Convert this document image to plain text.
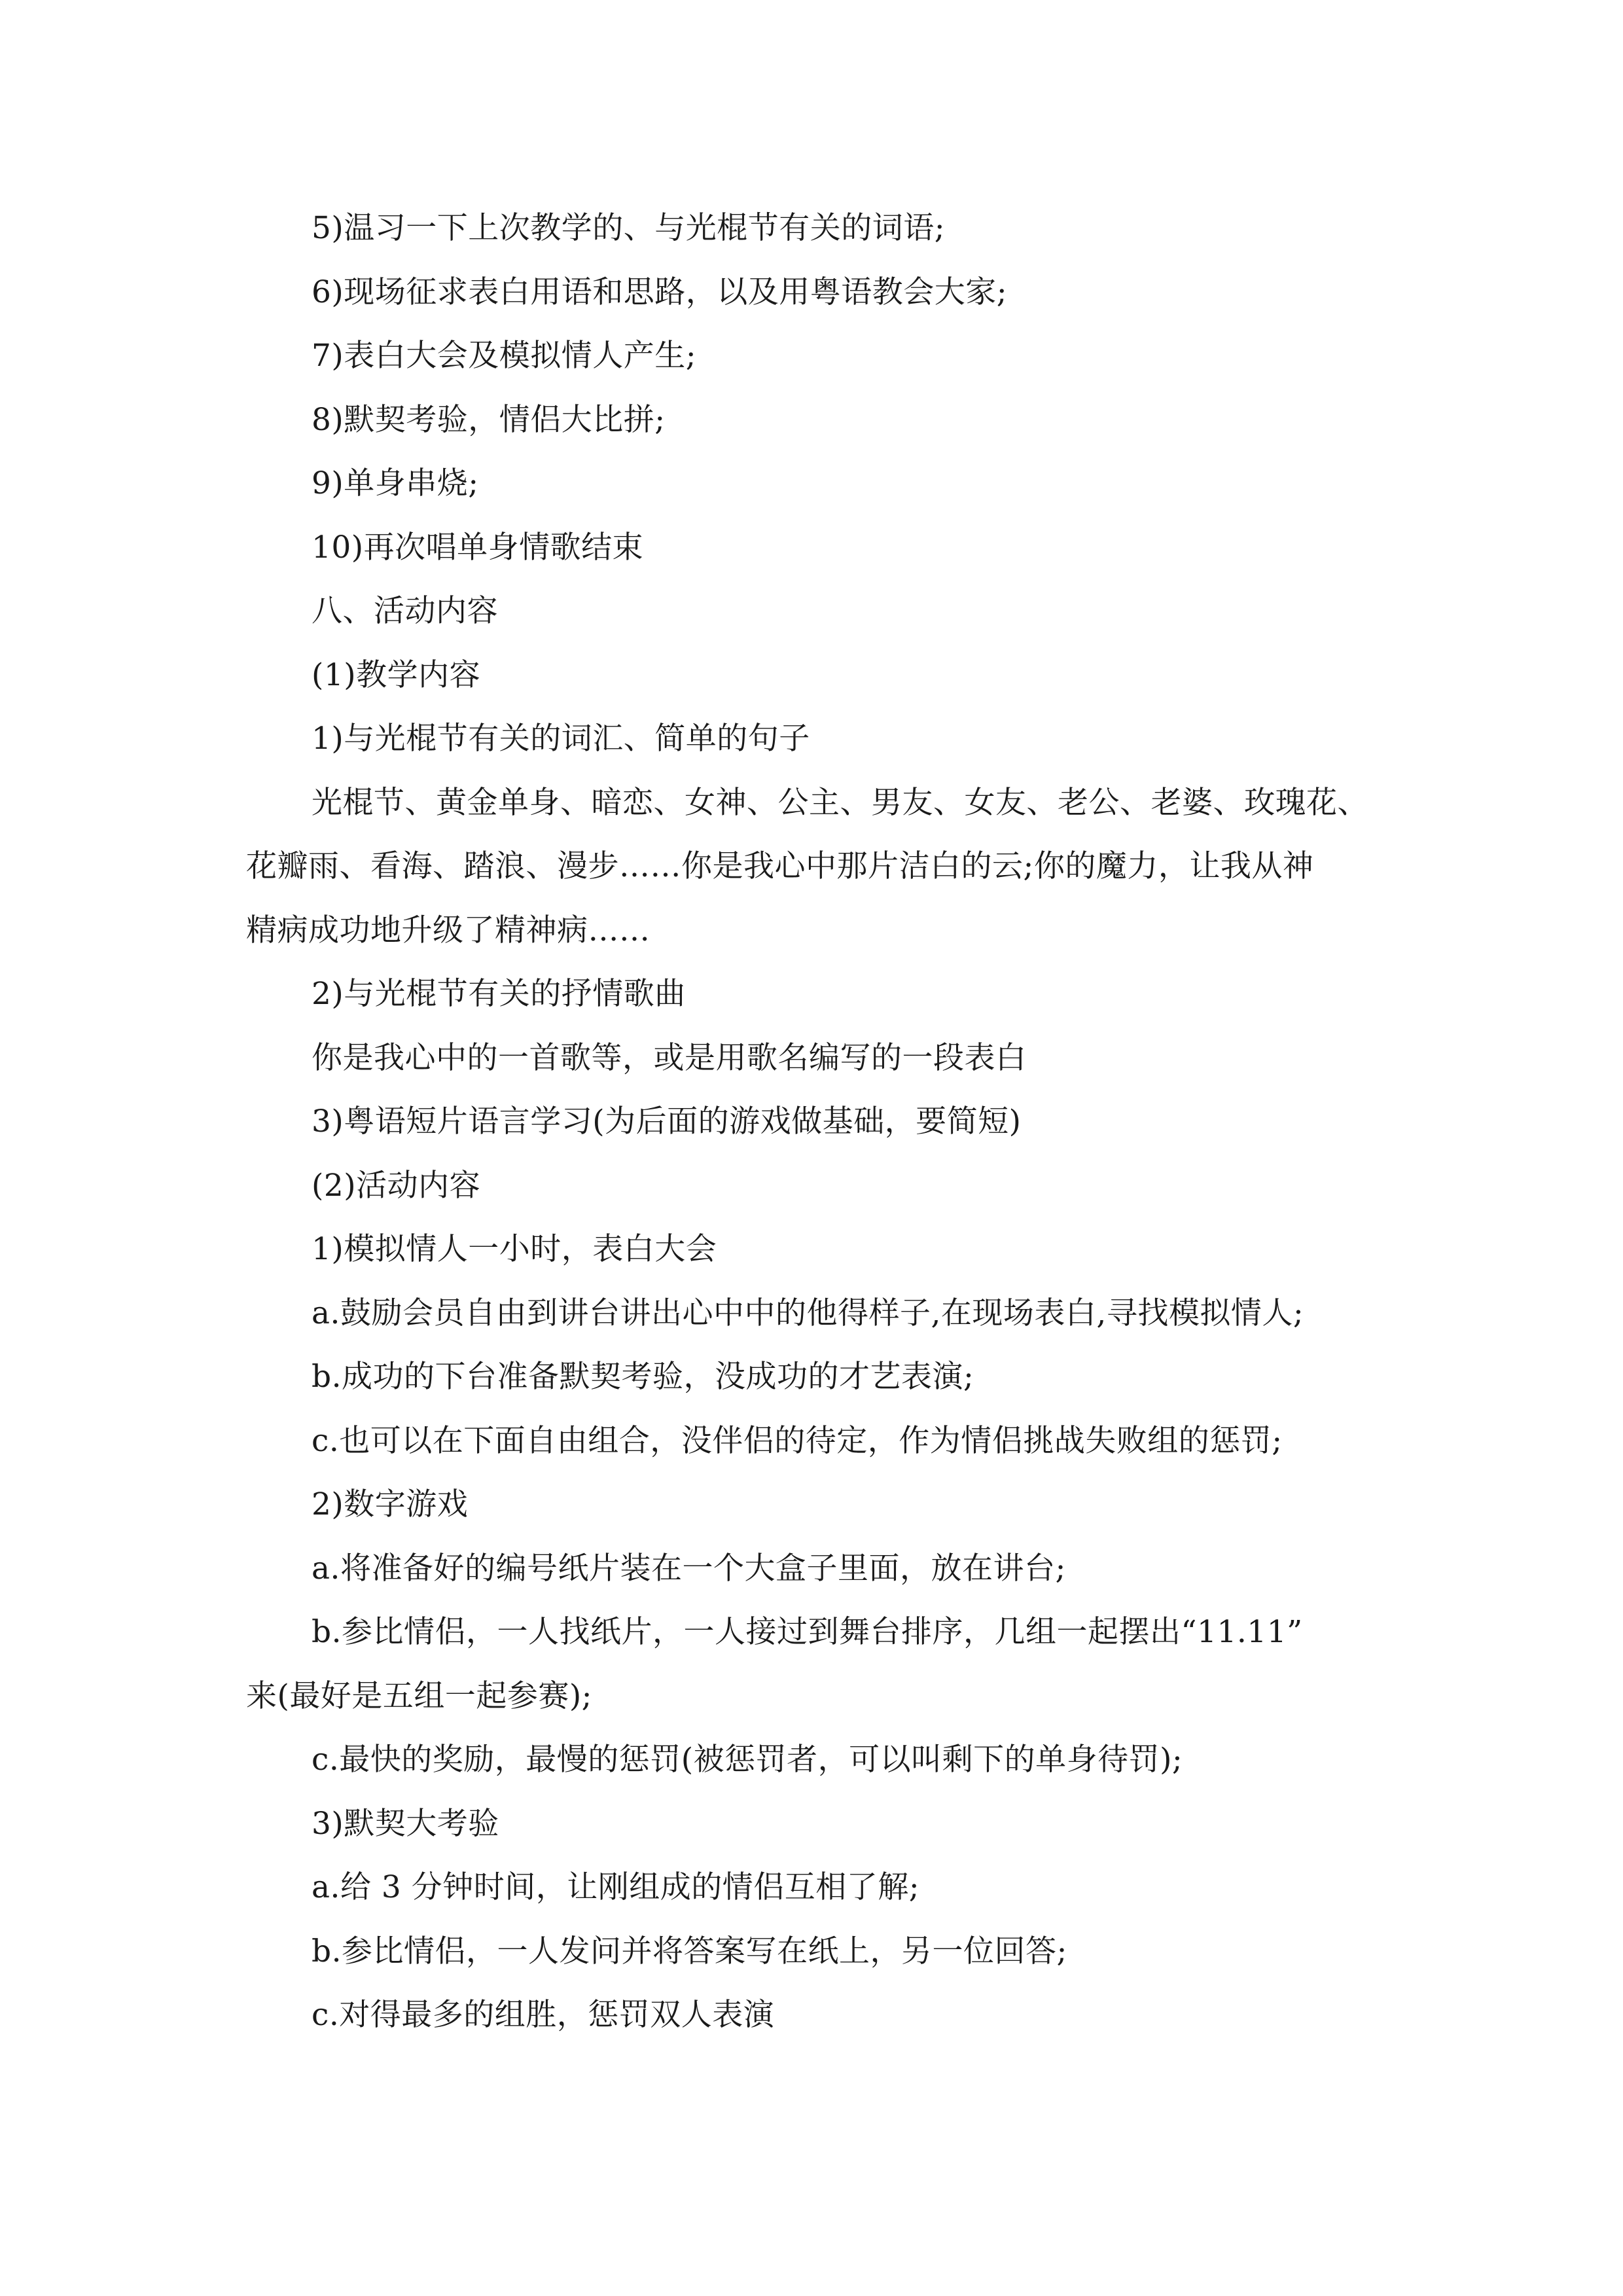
5)温习一下上次教学的、与光棍节有关的词语;
6)现场征求表白用语和思路，以及用粤语教会大家;
7)表白大会及模拟情人产生;
8)默契考验，情侣大比拼;
9)单身串烧;
10)再次唱单身情歌结束
八、活动内容
(1)教学内容
1)与光棍节有关的词汇、简单的句子
光棍节、黄金单身、暗恋、女神、公主、男友、女友、老公、老婆、玫瑰花、
花瓣雨、看海、踏浪、漫步……你是我心中那片洁白的云;你的魔力，让我从神
精病成功地升级了精神病……
2)与光棍节有关的抒情歌曲
你是我心中的一首歌等，或是用歌名编写的一段表白
3)粤语短片语言学习(为后面的游戏做基础，要简短)
(2)活动内容
1)模拟情人一小时，表白大会
a.鼓励会员自由到讲台讲出心中中的他得样子,在现场表白,寻找模拟情人;
b.成功的下台准备默契考验，没成功的才艺表演;
c.也可以在下面自由组合，没伴侣的待定，作为情侣挑战失败组的惩罚;
2)数字游戏
a.将准备好的编号纸片装在一个大盒子里面，放在讲台;
b.参比情侣，一人找纸片，一人接过到舞台排序，几组一起摆出“11.11”
来(最好是五组一起参赛);
c.最快的奖励，最慢的惩罚(被惩罚者，可以叫剩下的单身待罚);
3)默契大考验
a.给 3 分钟时间，让刚组成的情侣互相了解;
b.参比情侣，一人发问并将答案写在纸上，另一位回答;
c.对得最多的组胜，惩罚双人表演
